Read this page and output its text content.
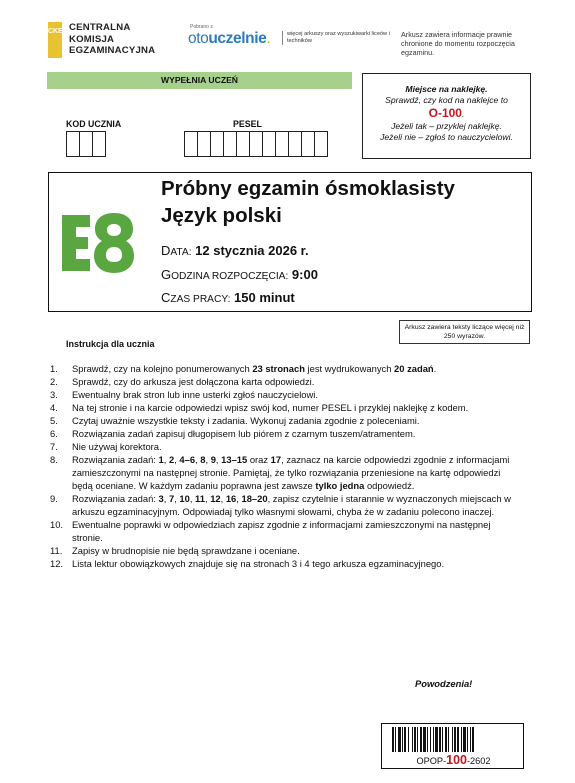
CKE CENTRALNA
KOMISJA
EGZAMINACYJNA
Pobrano z
otouczelnie.	więcej arkuszy oraz wyszukiwarki liceów i techników
Arkusz zawiera informacje prawnie chronione do momentu rozpoczęcia egzaminu.
WYPEŁNIA UCZEŃ
KOD UCZNIA	PESEL
Miejsce na naklejkę.
Sprawdź, czy kod na naklejce to
O-100.
Jeżeli tak – przyklej naklejkę.
Jeżeli nie – zgłoś to nauczycielowi.
Próbny egzamin ósmoklasisty
Język polski
DATA: 12 stycznia 2026 r.
GODZINA ROZPOCZĘCIA: 9:00
CZAS PRACY: 150 minut
Arkusz zawiera teksty liczące więcej niż 250 wyrazów.
Instrukcja dla ucznia
1. Sprawdź, czy na kolejno ponumerowanych 23 stronach jest wydrukowanych 20 zadań.
2. Sprawdź, czy do arkusza jest dołączona karta odpowiedzi.
3. Ewentualny brak stron lub inne usterki zgłoś nauczycielowi.
4. Na tej stronie i na karcie odpowiedzi wpisz swój kod, numer PESEL i przyklej naklejkę z kodem.
5. Czytaj uważnie wszystkie teksty i zadania. Wykonuj zadania zgodnie z poleceniami.
6. Rozwiązania zadań zapisuj długopisem lub piórem z czarnym tuszem/atramentem.
7. Nie używaj korektora.
8. Rozwiązania zadań: 1, 2, 4–6, 8, 9, 13–15 oraz 17, zaznacz na karcie odpowiedzi zgodnie z informacjami zamieszczonymi na następnej stronie. Pamiętaj, że tylko rozwiązania przeniesione na kartę odpowiedzi będą oceniane. W każdym zadaniu poprawna jest zawsze tylko jedna odpowiedź.
9. Rozwiązania zadań: 3, 7, 10, 11, 12, 16, 18–20, zapisz czytelnie i starannie w wyznaczonych miejscach w arkuszu egzaminacyjnym. Odpowiadaj tylko własnymi słowami, chyba że w zadaniu polecono inaczej.
10. Ewentualne poprawki w odpowiedziach zapisz zgodnie z informacjami zamieszczonymi na następnej stronie.
11. Zapisy w brudnopisie nie będą sprawdzane i oceniane.
12. Lista lektur obowiązkowych znajduje się na stronach 3 i 4 tego arkusza egzaminacyjnego.
Powodzenia!
OPOP-100-2602
